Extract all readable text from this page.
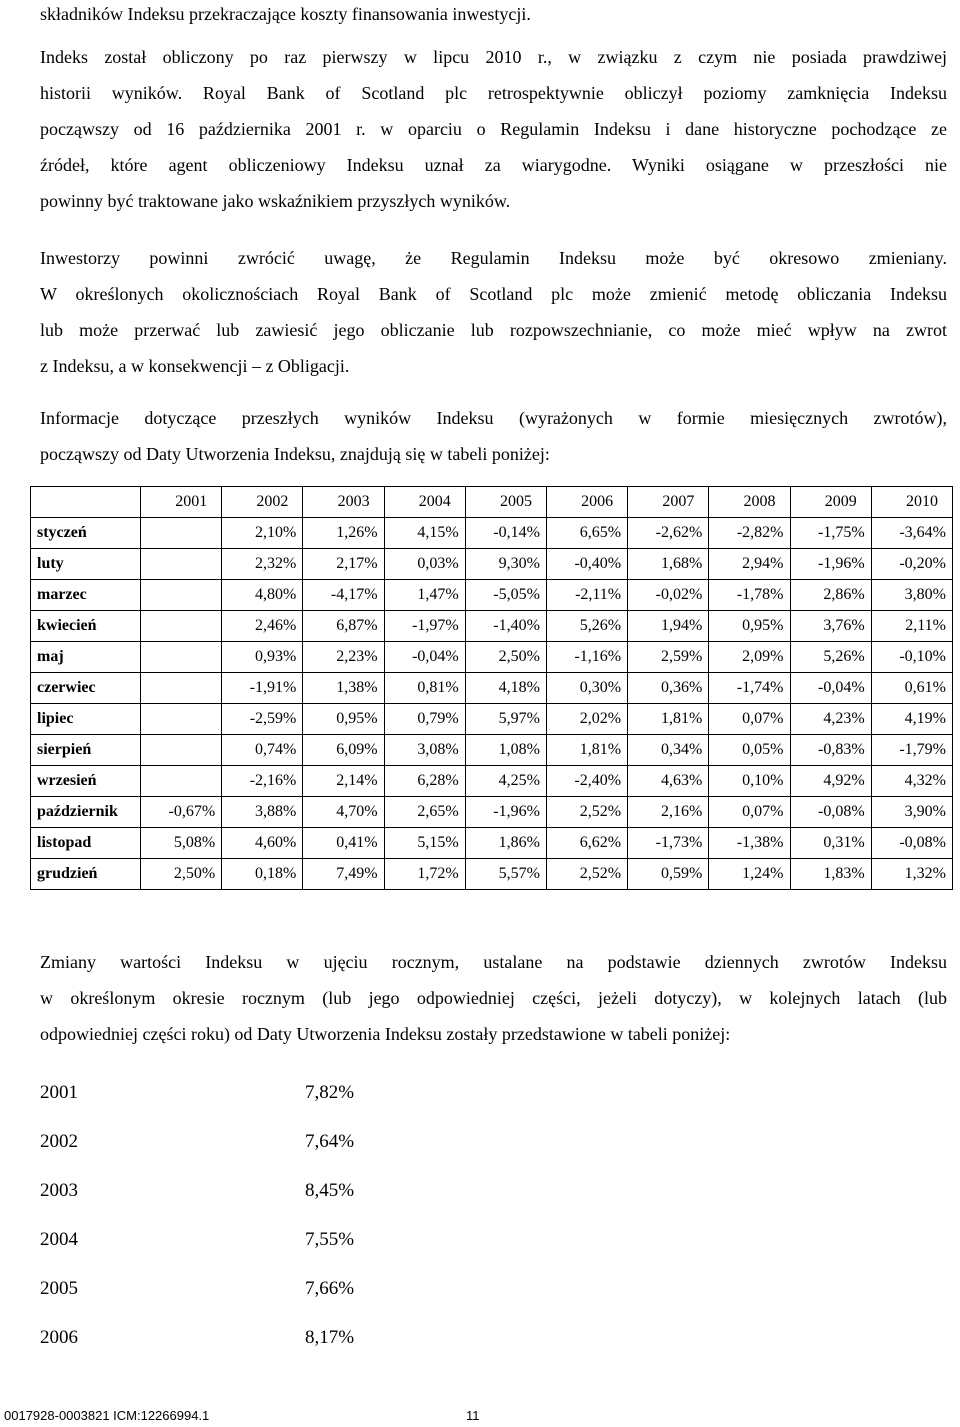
składników Indeksu przekraczające koszty finansowania inwestycji.
Indeks został obliczony po raz pierwszy w lipcu 2010 r., w związku z czym nie posiada prawdziwej
historii wyników. Royal Bank of Scotland plc retrospektywnie obliczył poziomy zamknięcia Indeksu
począwszy od 16 października 2001 r. w oparciu o Regulamin Indeksu i dane historyczne pochodzące ze
źródeł, które agent obliczeniowy Indeksu uznał za wiarygodne. Wyniki osiągane w przeszłości nie
powinny być traktowane jako wskaźnikiem przyszłych wyników.
Inwestorzy powinni zwrócić uwagę, że Regulamin Indeksu może być okresowo zmieniany.
W określonych okolicznościach Royal Bank of Scotland plc może zmienić metodę obliczania Indeksu
lub może przerwać lub zawiesić jego obliczanie lub rozpowszechnianie, co może mieć wpływ na zwrot
z Indeksu, a w konsekwencji – z Obligacji.
Informacje dotyczące przeszłych wyników Indeksu (wyrażonych w formie miesięcznych zwrotów),
począwszy od Daty Utworzenia Indeksu, znajdują się w tabeli poniżej:
	2001	2002	2003	2004	2005	2006	2007	2008	2009	2010
styczeń		2,10%	1,26%	4,15%	-0,14%	6,65%	-2,62%	-2,82%	-1,75%	-3,64%
luty		2,32%	2,17%	0,03%	9,30%	-0,40%	1,68%	2,94%	-1,96%	-0,20%
marzec		4,80%	-4,17%	1,47%	-5,05%	-2,11%	-0,02%	-1,78%	2,86%	3,80%
kwiecień		2,46%	6,87%	-1,97%	-1,40%	5,26%	1,94%	0,95%	3,76%	2,11%
maj		0,93%	2,23%	-0,04%	2,50%	-1,16%	2,59%	2,09%	5,26%	-0,10%
czerwiec		-1,91%	1,38%	0,81%	4,18%	0,30%	0,36%	-1,74%	-0,04%	0,61%
lipiec		-2,59%	0,95%	0,79%	5,97%	2,02%	1,81%	0,07%	4,23%	4,19%
sierpień		0,74%	6,09%	3,08%	1,08%	1,81%	0,34%	0,05%	-0,83%	-1,79%
wrzesień		-2,16%	2,14%	6,28%	4,25%	-2,40%	4,63%	0,10%	4,92%	4,32%
październik	-0,67%	3,88%	4,70%	2,65%	-1,96%	2,52%	2,16%	0,07%	-0,08%	3,90%
listopad	5,08%	4,60%	0,41%	5,15%	1,86%	6,62%	-1,73%	-1,38%	0,31%	-0,08%
grudzień	2,50%	0,18%	7,49%	1,72%	5,57%	2,52%	0,59%	1,24%	1,83%	1,32%
Zmiany wartości Indeksu w ujęciu rocznym, ustalane na podstawie dziennych zwrotów Indeksu
w określonym okresie rocznym (lub jego odpowiedniej części, jeżeli dotyczy), w kolejnych latach (lub
odpowiedniej części roku) od Daty Utworzenia Indeksu zostały przedstawione w tabeli poniżej:
2001	7,82%
2002	7,64%
2003	8,45%
2004	7,55%
2005	7,66%
2006	8,17%
0017928-0003821 ICM:12266994.1	11
